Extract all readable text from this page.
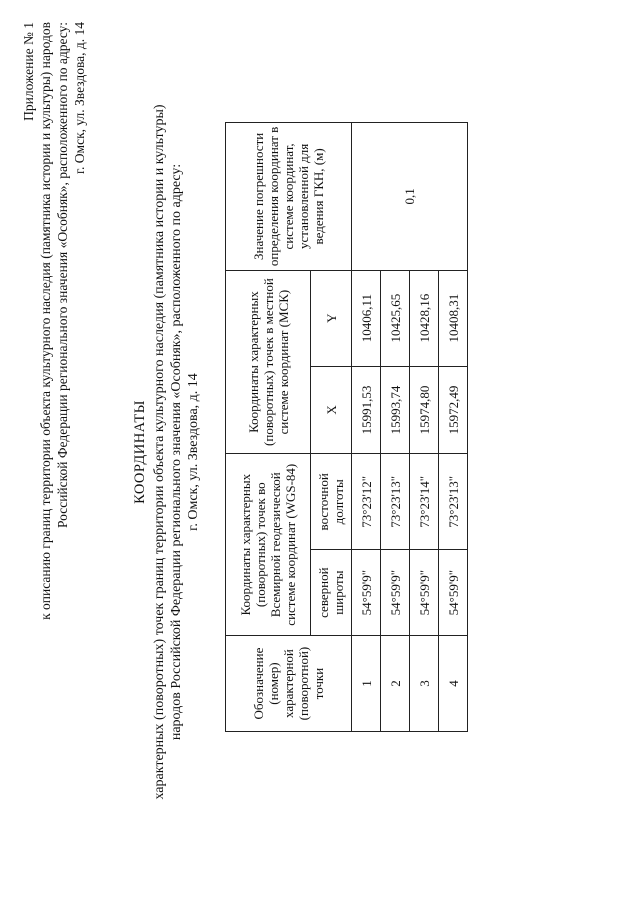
Приложение № 1 к описанию границ территории объекта культурного наследия (памятника истории и культуры) народов Российской Федерации регионального значения «Особняк», расположенного по адресу: г. Омск, ул. Звездова, д. 14
КООРДИНАТЫ характерных (поворотных) точек границ территории объекта культурного наследия (памятника истории и культуры) народов Российской Федерации регионального значения «Особняк», расположенного по адресу: г. Омск, ул. Звездова, д. 14
Обозначение (номер) характерной (поворотной) точки	Координаты характерных (поворотных) точек во Всемирной геодезической системе координат (WGS-84)		Координаты характерных (поворотных) точек в местной системе координат (МСК)		Значение погрешности определения координат в системе координат, установленной для ведения ГКН, (м)
	северной широты	восточной долготы	X	Y	
1	54°59'9"	73°23'12"	15991,53	10406,11	0,1
2	54°59'9"	73°23'13"	15993,74	10425,65	
3	54°59'9"	73°23'14"	15974,80	10428,16	
4	54°59'9"	73°23'13"	15972,49	10408,31	
